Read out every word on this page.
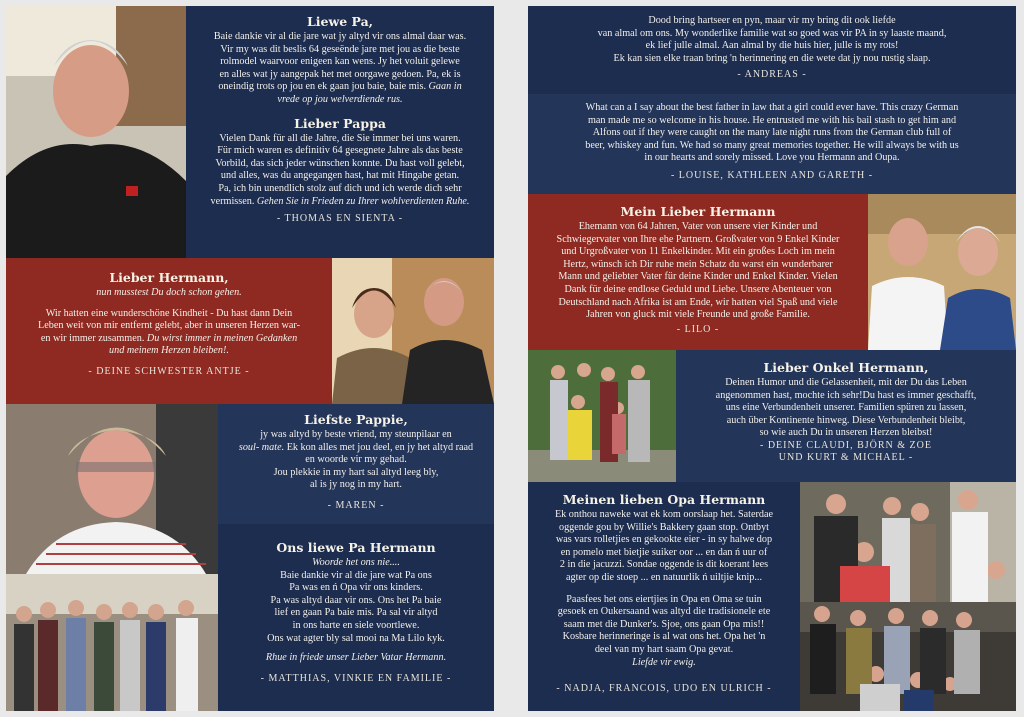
Liewe Pa,
Baie dankie vir al die jare wat jy altyd vir ons almal daar was.
Vir my was dit beslis 64 geseënde jare met jou as die beste
rolmodel waarvoor enigeen kan wens. Jy het voluit gelewe
en alles wat jy aangepak het met oorgawe gedoen. Pa, ek is
oneindig trots op jou en ek gaan jou baie, baie mis. Gaan in
vrede op jou welverdiende rus.
Lieber Pappa
Vielen Dank für all die Jahre, die Sie immer bei uns waren.
Für mich waren es definitiv 64 gesegnete Jahre als das beste
Vorbild, das sich jeder wünschen konnte. Du hast voll gelebt,
und alles, was du angegangen hast, hat mit Hingabe getan.
Pa, ich bin unendlich stolz auf dich und ich werde dich sehr
vermissen. Gehen Sie in Frieden zu Ihrer wohlverdienten Ruhe.
- THOMAS EN SIENTA -
Lieber Hermann,
nun musstest Du doch schon gehen.
Wir hatten eine wunderschöne Kindheit - Du hast dann Dein
Leben weit von mir entfernt gelebt, aber in unseren Herzen war-
en wir immer zusammen. Du wirst immer in meinen Gedanken
und meinem Herzen bleiben!.
- DEINE SCHWESTER ANTJE -
Liefste Pappie,
jy was altyd by beste vriend, my steunpilaar en
soul- mate. Ek kon alles met jou deel, en jy het altyd raad
en woorde vir my gehad.
Jou plekkie in my hart sal altyd leeg bly,
al is jy nog in my hart.
- MAREN -
Ons liewe Pa Hermann
Woorde het ons nie....
Baie dankie vir al die jare wat Pa ons
Pa was en ń Opa vir ons kinders.
Pa was altyd daar vir ons. Ons het Pa baie
lief en gaan Pa baie mis. Pa sal vir altyd
in ons harte en siele voortlewe.
Ons wat agter bly sal mooi na Ma Lilo kyk.
Rhue in friede unser Lieber Vatar Hermann.
- MATTHIAS, VINKIE EN FAMILIE -
Dood bring hartseer en pyn, maar vir my bring dit ook liefde
van almal om ons. My wonderlike familie wat so goed was vir PA in sy laaste maand,
ek lief julle almal. Aan almal by die huis hier, julle is my rots!
Ek kan sien elke traan bring 'n herinnering en die wete dat jy nou rustig slaap.
- ANDREAS -
What can a I say about the best father in law that a girl could ever have. This crazy German
man made me so welcome in his house. He entrusted me with his bail stash to get him and
Alfons out if they were caught on the many late night runs from the German club full of
beer, whiskey and fun. We had so many great memories together. He will always be with us
in our hearts and sorely missed. Love you Hermann and Oupa.
- LOUISE, KATHLEEN AND GARETH -
Mein Lieber Hermann
Ehemann von 64 Jahren, Vater von unsere vier Kinder und
Schwiegervater von Ihre ehe Partnern. Großvater von 9 Enkel Kinder
und Urgroßvater von 11 Enkelkinder. Mit ein großes Loch im mein
Hertz, wünsch ich Dir ruhe mein Schatz du warst ein wunderbarer
Mann und geliebter Vater für deine Kinder und Enkel Kinder. Vielen
Dank für deine endlose Geduld und Liebe. Unsere Abenteuer von
Deutschland nach Afrika ist am Ende, wir hatten viel Spaß und viele
Jahren von gluck mit viele Freunde und große Familie.
- LILO -
Lieber Onkel Hermann,
Deinen Humor und die Gelassenheit, mit der Du das Leben
angenommen hast, mochte ich sehr!Du hast es immer geschafft,
uns eine Verbundenheit unserer. Familien spüren zu lassen,
auch über Kontinente hinweg. Diese Verbundenheit bleibt,
so wie auch Du in unseren Herzen bleibst!
- DEINE CLAUDI, BJÖRN & ZOE
UND KURT & MICHAEL -
Meinen lieben Opa Hermann
Ek onthou naweke wat ek kom oorslaap het. Saterdae
oggende gou by Willie's Bakkery gaan stop. Ontbyt
was vars rolletjies en gekookte eier - in sy halwe dop
en pomelo met bietjie suiker oor ... en dan ń uur of
2 in die jacuzzi. Sondae oggende is dit koerant lees
agter op die stoep ... en natuurlik ń uiltjie knip...
Paasfees het ons eiertjies in Opa en Oma se tuin
gesoek en Oukersaand was altyd die tradisionele ete
saam met die Dunker's. Sjoe, ons gaan Opa mis!!
Kosbare herinneringe is al wat ons het. Opa het 'n
deel van my hart saam Opa gevat.
Liefde vir ewig.
- NADJA, FRANCOIS, UDO EN ULRICH -
